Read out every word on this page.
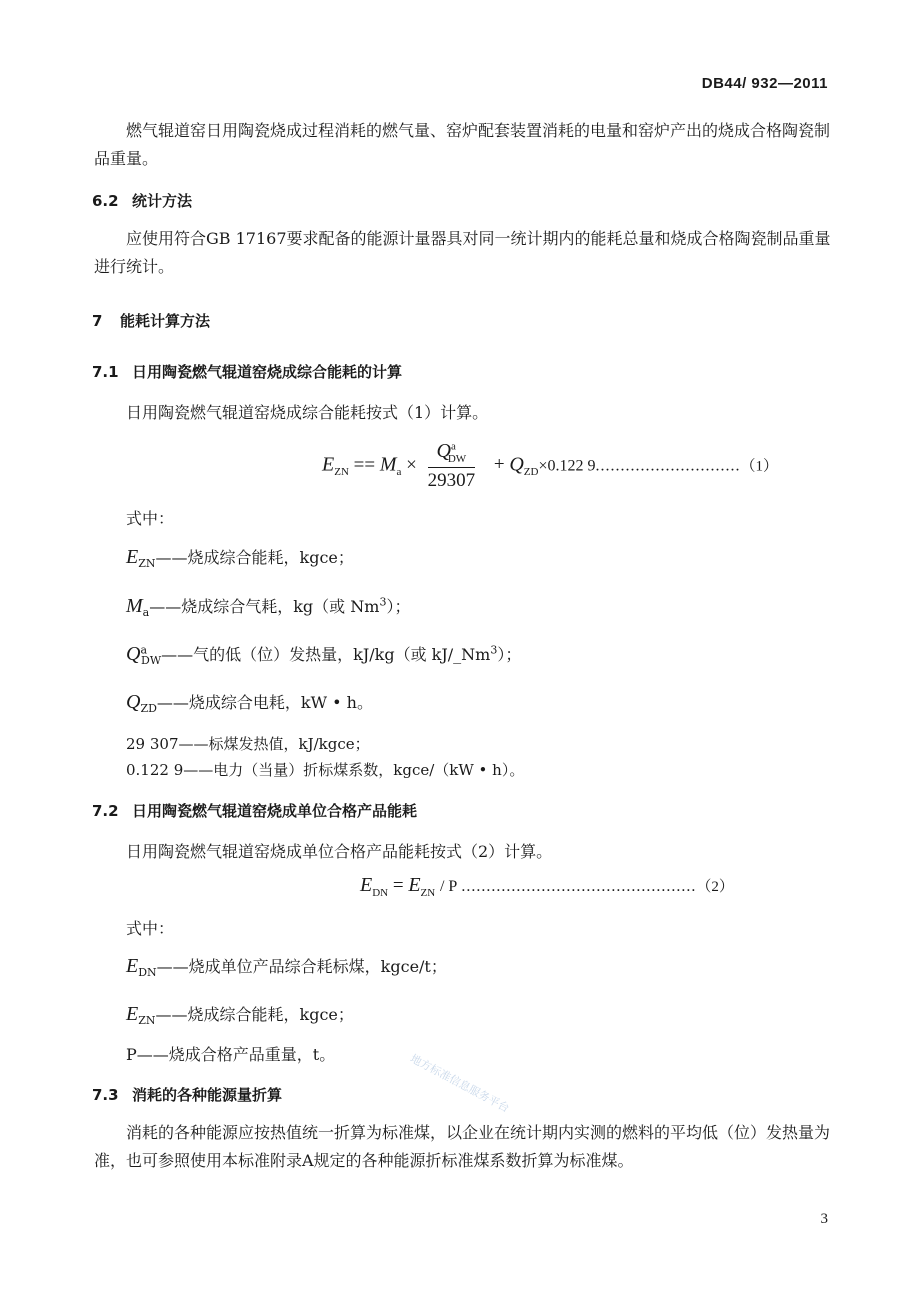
DB44/ 932—2011
燃气辊道窑日用陶瓷烧成过程消耗的燃气量、窑炉配套装置消耗的电量和窑炉产出的烧成合格陶瓷制品重量。
6.2 统计方法
应使用符合GB 17167要求配备的能源计量器具对同一统计期内的能耗总量和烧成合格陶瓷制品重量进行统计。
7 能耗计算方法
7.1 日用陶瓷燃气辊道窑烧成综合能耗的计算
日用陶瓷燃气辊道窑烧成综合能耗按式（1）计算。
$E_{ZN} == M_a \times \frac{Q^a_{DW}}{29307} + Q_{ZD}\times 0.122$ 9.............................（1）
式中：
$E_{ZN}——$烧成综合能耗，kgce；
$M_a——$烧成综合气耗，kg（或 Nm$^3$）；
$Q^a_{DW}——$气的低（位）发热量，kJ/kg（或 kJ/_Nm$^3$）；
$Q_{ZD}——$烧成综合电耗，kW • h。
29 307——标煤发热值，kJ/kgce；
0.122 9——电力（当量）折标煤系数，kgce/（kW • h）。
7.2 日用陶瓷燃气辊道窑烧成单位合格产品能耗
日用陶瓷燃气辊道窑烧成单位合格产品能耗按式（2）计算。
$E_{DN} = E_{ZN} / P$ ...............................................（2）
式中：
$E_{DN}——$烧成单位产品综合耗标煤，kgce/t；
$E_{ZN}——$烧成综合能耗，kgce；
P——烧成合格产品重量，t。
7.3 消耗的各种能源量折算
消耗的各种能源应按热值统一折算为标准煤，以企业在统计期内实测的燃料的平均低（位）发热量为准，也可参照使用本标准附录A规定的各种能源折标准煤系数折算为标准煤。
地方标准信息服务平台
3
